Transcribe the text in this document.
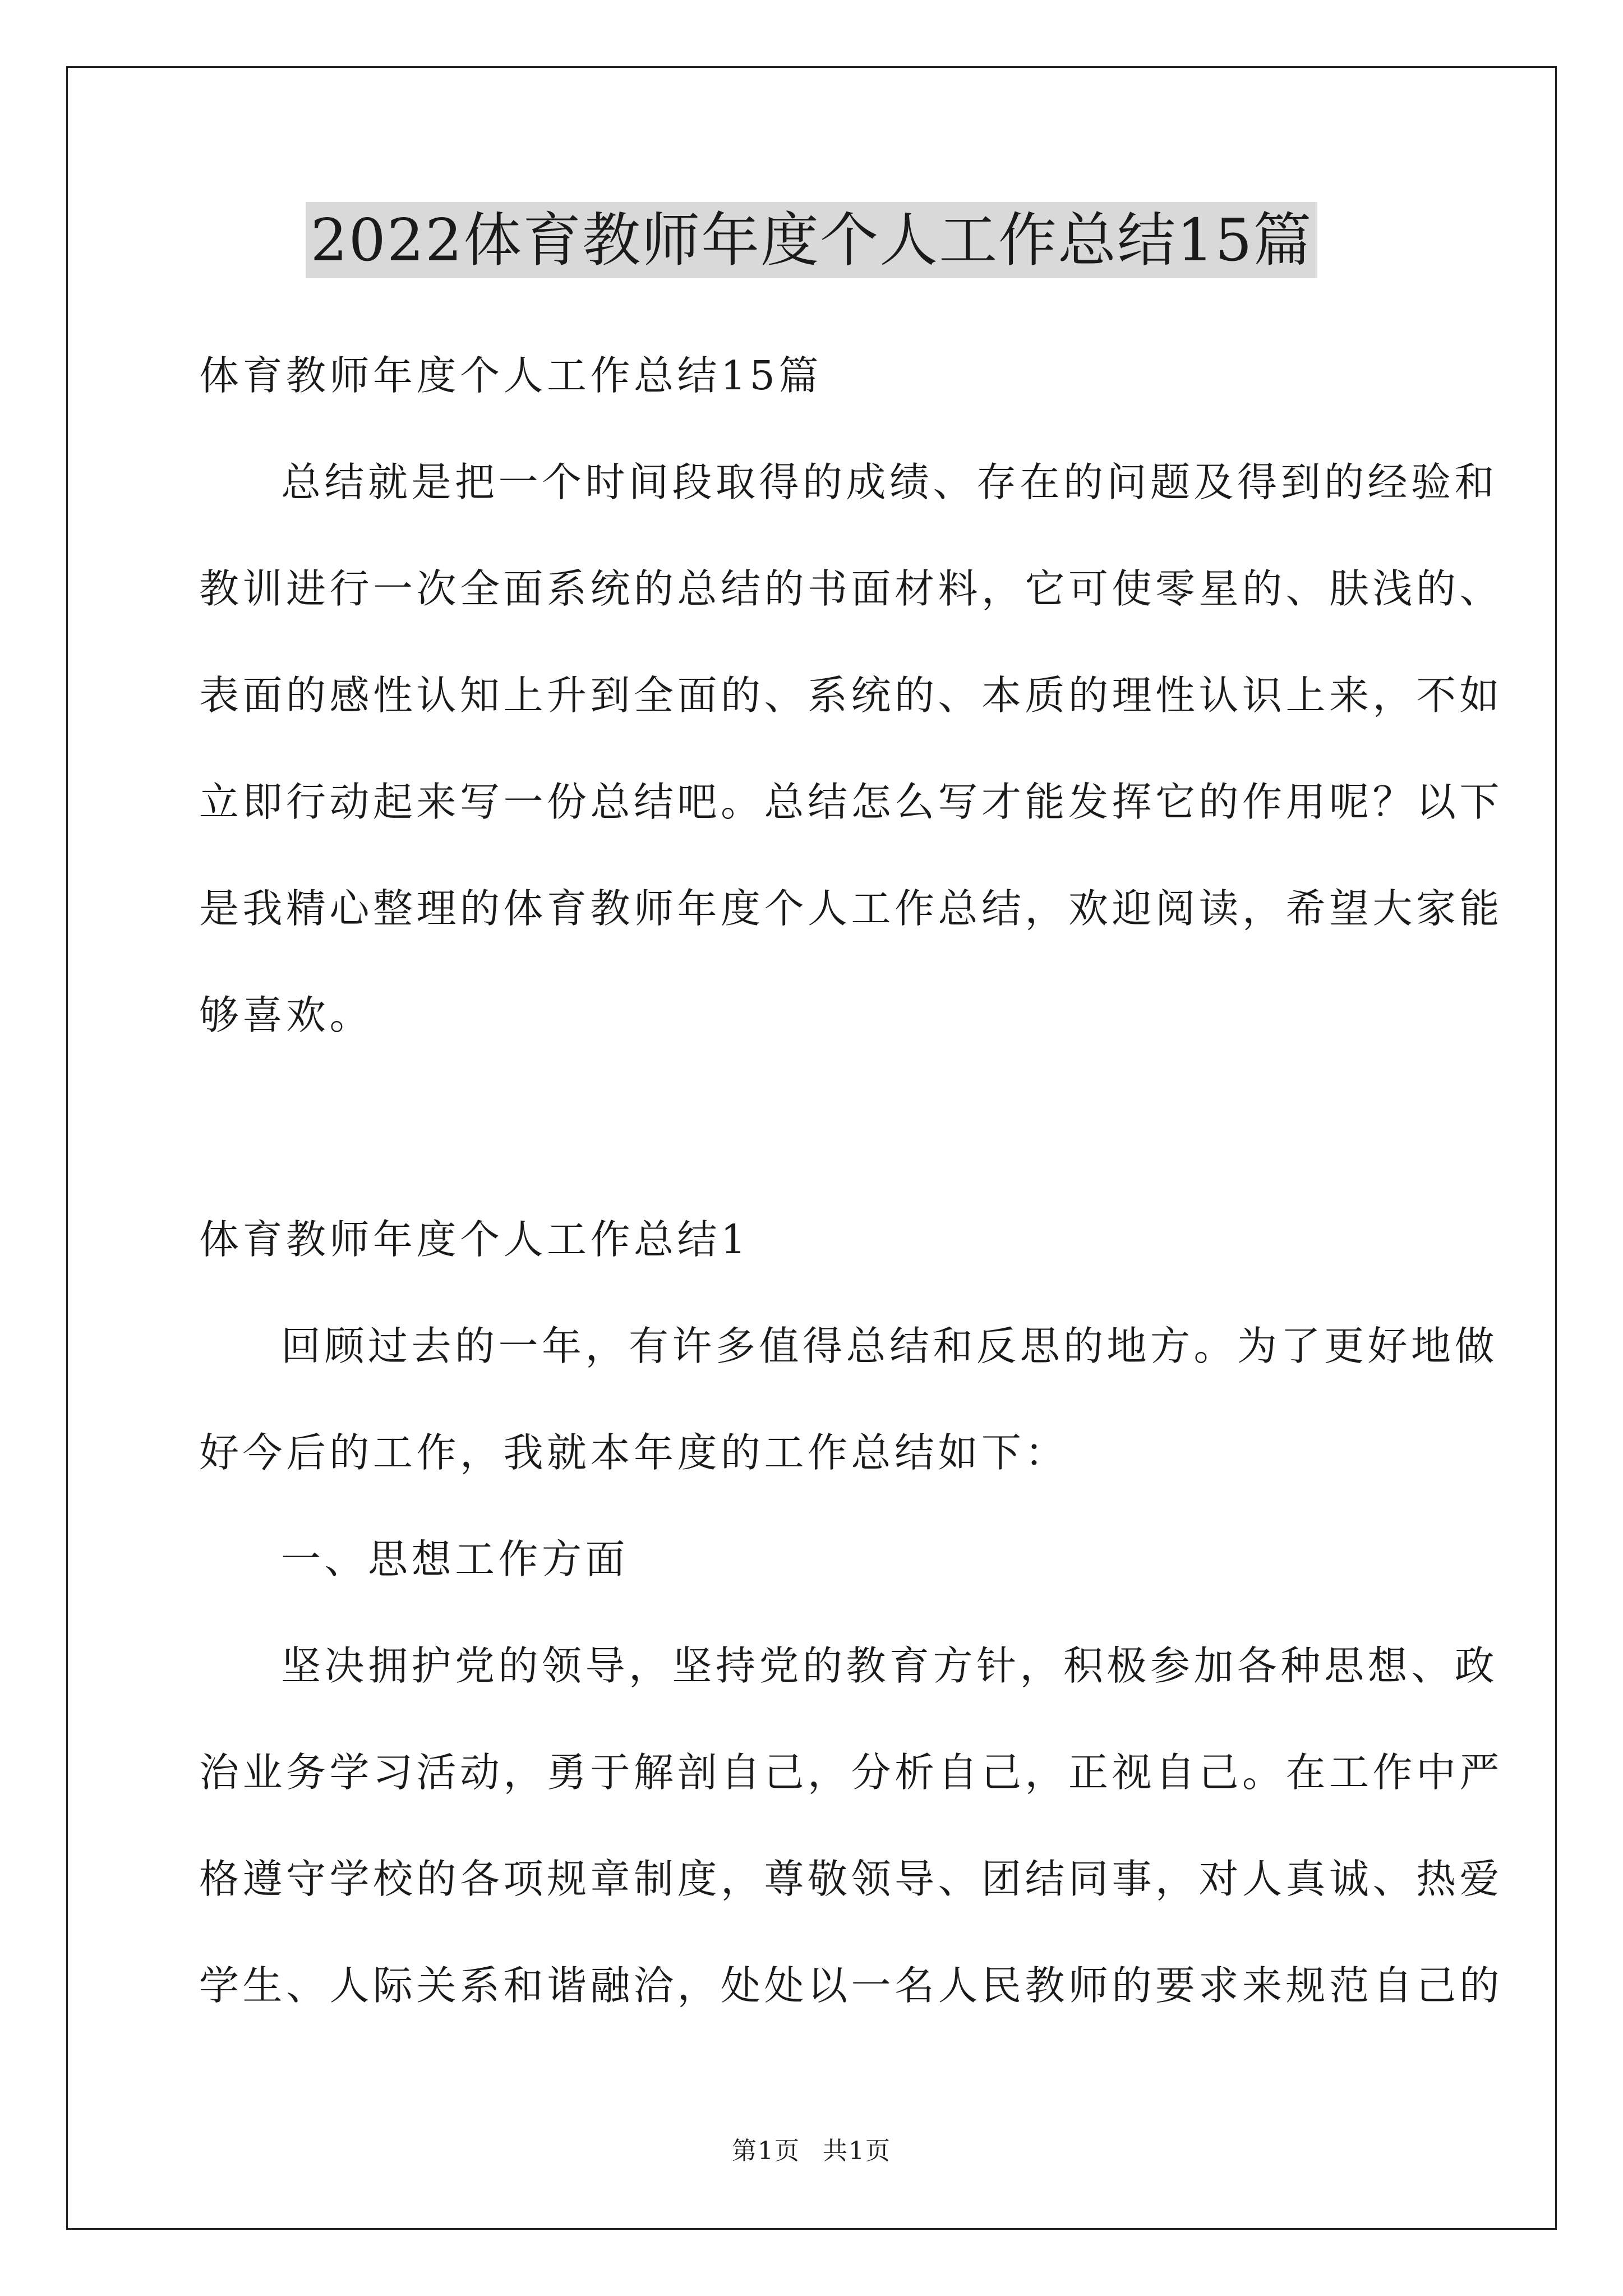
2022体育教师年度个人工作总结15篇
体育教师年度个人工作总结15篇
总结就是把一个时间段取得的成绩、存在的问题及得到的经验和
教训进行一次全面系统的总结的书面材料，它可使零星的、肤浅的、
表面的感性认知上升到全面的、系统的、本质的理性认识上来，不如
立即行动起来写一份总结吧。总结怎么写才能发挥它的作用呢？以下
是我精心整理的体育教师年度个人工作总结，欢迎阅读，希望大家能
够喜欢。
体育教师年度个人工作总结1
回顾过去的一年，有许多值得总结和反思的地方。为了更好地做
好今后的工作，我就本年度的工作总结如下：
一、思想工作方面
坚决拥护党的领导，坚持党的教育方针，积极参加各种思想、政
治业务学习活动，勇于解剖自己，分析自己，正视自己。在工作中严
格遵守学校的各项规章制度，尊敬领导、团结同事，对人真诚、热爱
学生、人际关系和谐融洽，处处以一名人民教师的要求来规范自己的
第1页 共1页
